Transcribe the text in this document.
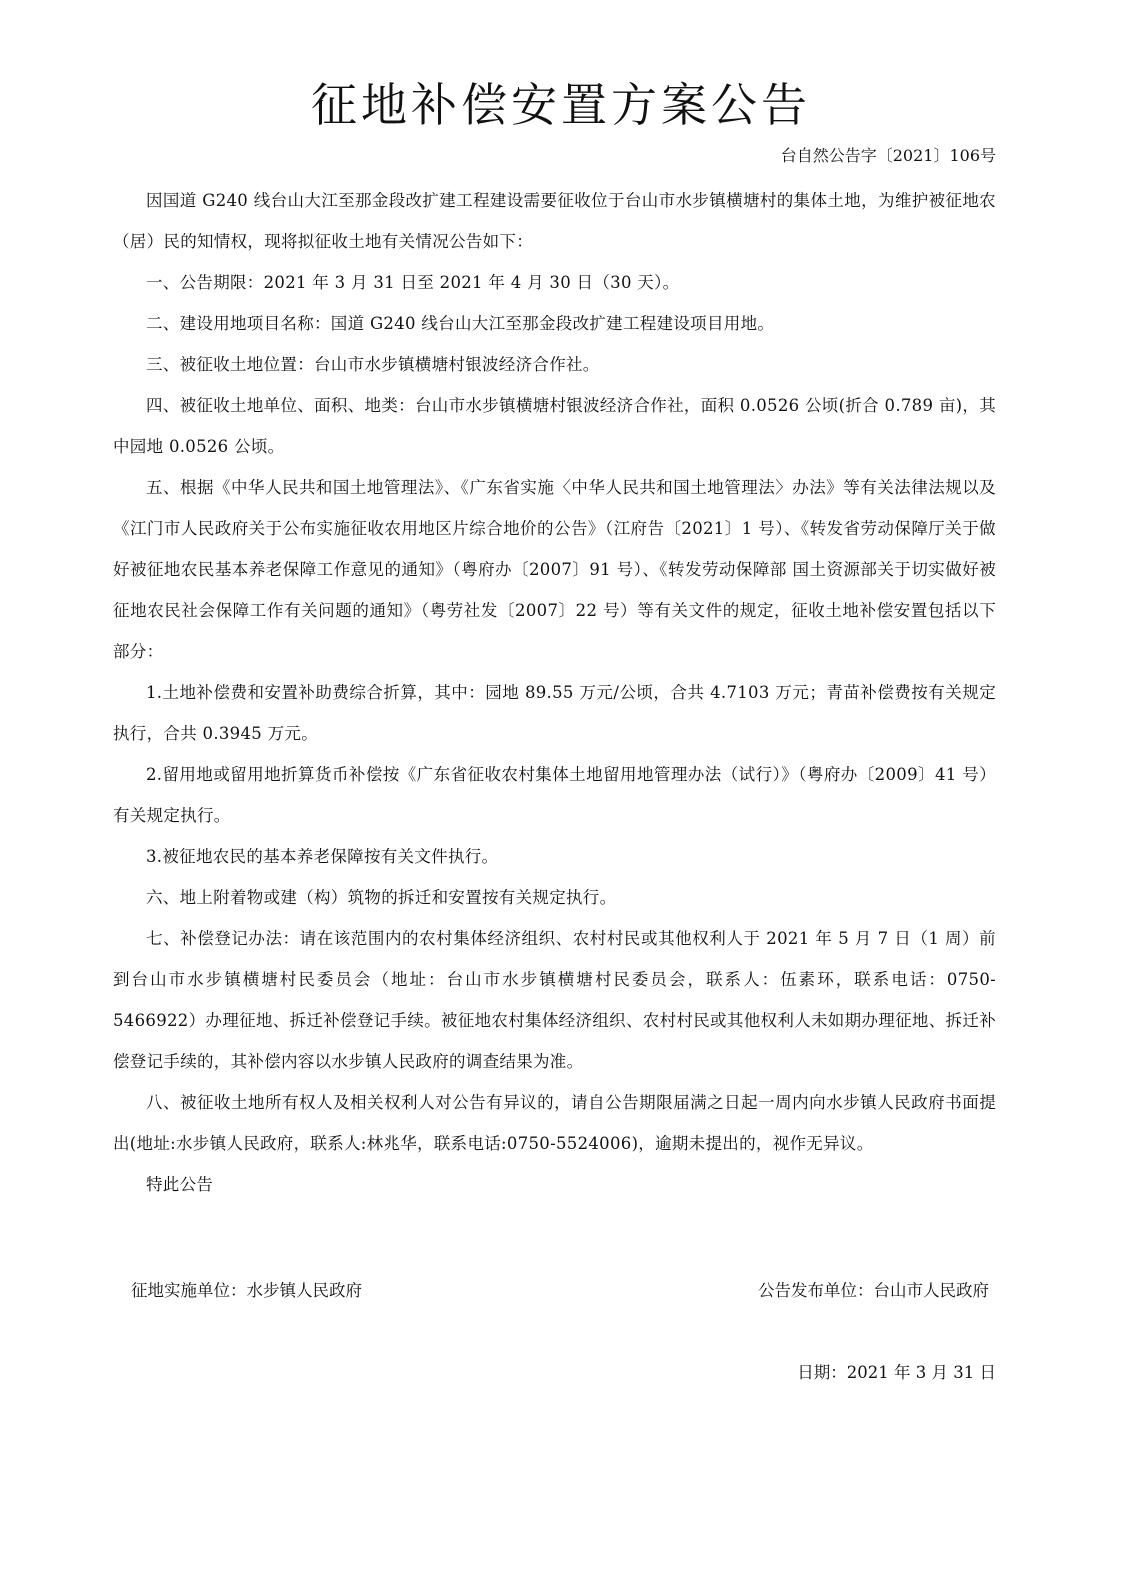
征地补偿安置方案公告
台自然公告字〔2021〕106号

因国道 G240 线台山大江至那金段改扩建工程建设需要征收位于台山市水步镇横塘村的集体土地，为维护被征地农（居）民的知情权，现将拟征收土地有关情况公告如下：

一、公告期限：2021 年 3 月 31 日至 2021 年 4 月 30 日（30 天）。

二、建设用地项目名称：国道 G240 线台山大江至那金段改扩建工程建设项目用地。

三、被征收土地位置：台山市水步镇横塘村银波经济合作社。

四、被征收土地单位、面积、地类：台山市水步镇横塘村银波经济合作社，面积 0.0526 公顷(折合 0.789 亩)，其中园地 0.0526 公顷。

五、根据《中华人民共和国土地管理法》、《广东省实施〈中华人民共和国土地管理法〉办法》等有关法律法规以及《江门市人民政府关于公布实施征收农用地区片综合地价的公告》（江府告〔2021〕1 号）、《转发省劳动保障厅关于做好被征地农民基本养老保障工作意见的通知》（粤府办〔2007〕91 号）、《转发劳动保障部 国土资源部关于切实做好被征地农民社会保障工作有关问题的通知》（粤劳社发〔2007〕22 号）等有关文件的规定，征收土地补偿安置包括以下部分：

1.土地补偿费和安置补助费综合折算，其中：园地 89.55 万元/公顷，合共 4.7103 万元；青苗补偿费按有关规定执行，合共 0.3945 万元。

2.留用地或留用地折算货币补偿按《广东省征收农村集体土地留用地管理办法（试行）》（粤府办〔2009〕41 号）有关规定执行。

3.被征地农民的基本养老保障按有关文件执行。

六、地上附着物或建（构）筑物的拆迁和安置按有关规定执行。

七、补偿登记办法：请在该范围内的农村集体经济组织、农村村民或其他权利人于 2021 年 5 月 7 日（1 周）前到台山市水步镇横塘村民委员会（地址：台山市水步镇横塘村民委员会，联系人：伍素环，联系电话：0750-5466922）办理征地、拆迁补偿登记手续。被征地农村集体经济组织、农村村民或其他权利人未如期办理征地、拆迁补偿登记手续的，其补偿内容以水步镇人民政府的调查结果为准。

八、被征收土地所有权人及相关权利人对公告有异议的，请自公告期限届满之日起一周内向水步镇人民政府书面提出(地址:水步镇人民政府，联系人:林兆华，联系电话:0750-5524006)，逾期未提出的，视作无异议。

特此公告

征地实施单位：水步镇人民政府	公告发布单位：台山市人民政府
日期：2021 年 3 月 31 日
